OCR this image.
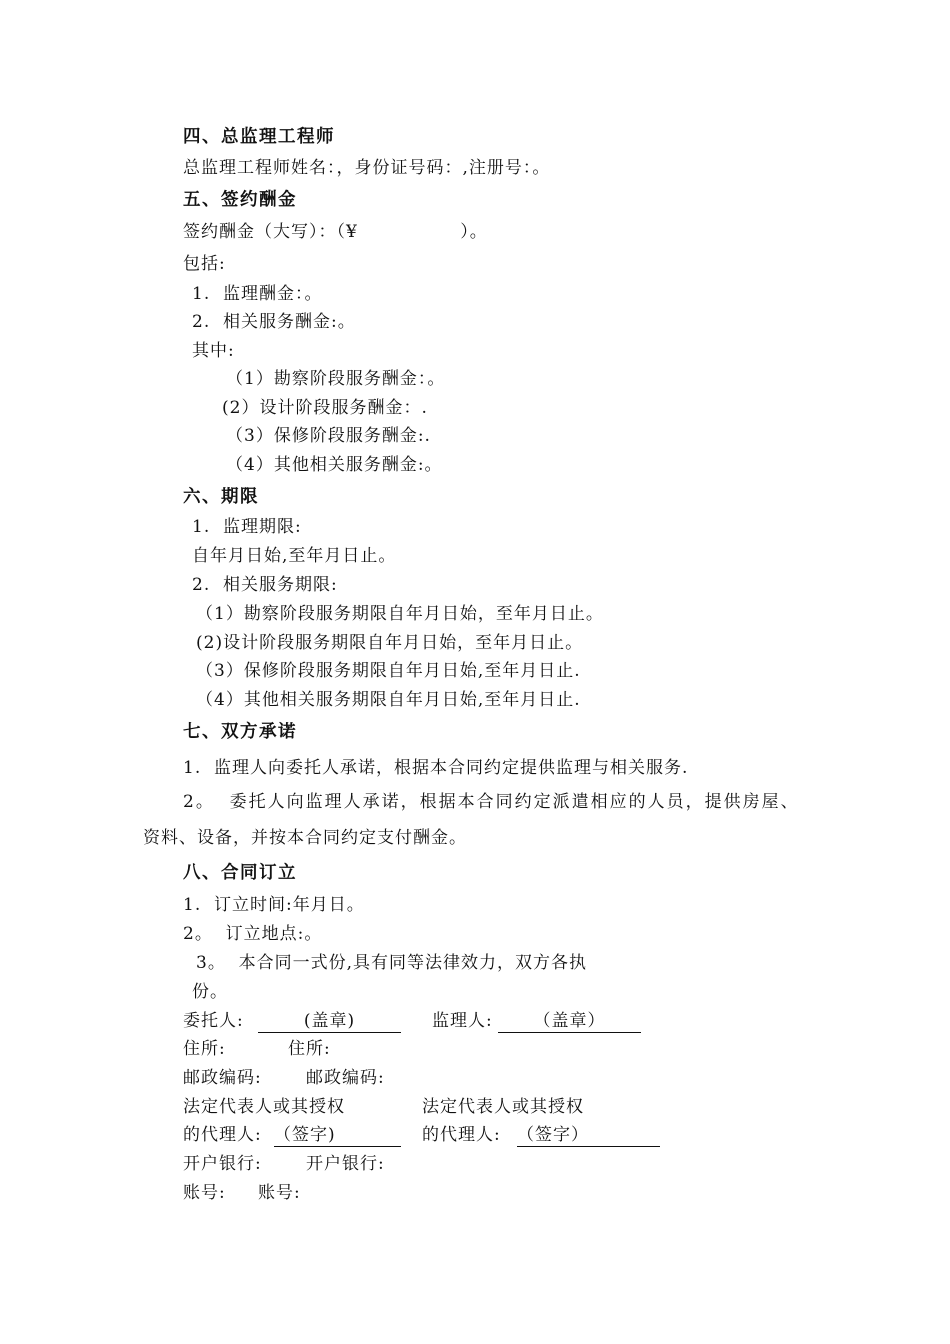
四、总监理工程师
总监理工程师姓名：，身份证号码：,注册号：。
五、签约酬金
签约酬金（大写）：（¥                ）。
包括:
1.  监理酬金：。
2.  相关服务酬金:。
其中:
（1）勘察阶段服务酬金：。
(2）设计阶段服务酬金：.
（3）保修阶段服务酬金:.
（4）其他相关服务酬金:。
六、期限
1.  监理期限:
自年月日始,至年月日止。
2.  相关服务期限:
（1）勘察阶段服务期限自年月日始，至年月日止。
(2)设计阶段服务期限自年月日始，至年月日止。
（3）保修阶段服务期限自年月日始,至年月日止.
（4）其他相关服务期限自年月日始,至年月日止.
七、双方承诺
1.  监理人向委托人承诺，根据本合同约定提供监理与相关服务.
2。  委托人向监理人承诺，根据本合同约定派遣相应的人员，提供房屋、
资料、设备，并按本合同约定支付酬金。
八、合同订立
1.  订立时间:年月日。
2。  订立地点:。
3。  本合同一式份,具有同等法律效力，双方各执
份。
委托人:	(盖章)	监理人:	（盖章）
住所:	住所:
邮政编码:	邮政编码:
法定代表人或其授权	法定代表人或其授权
的代理人: （签字)	的代理人: （签字）
开户银行:	开户银行:
账号: 账号:
